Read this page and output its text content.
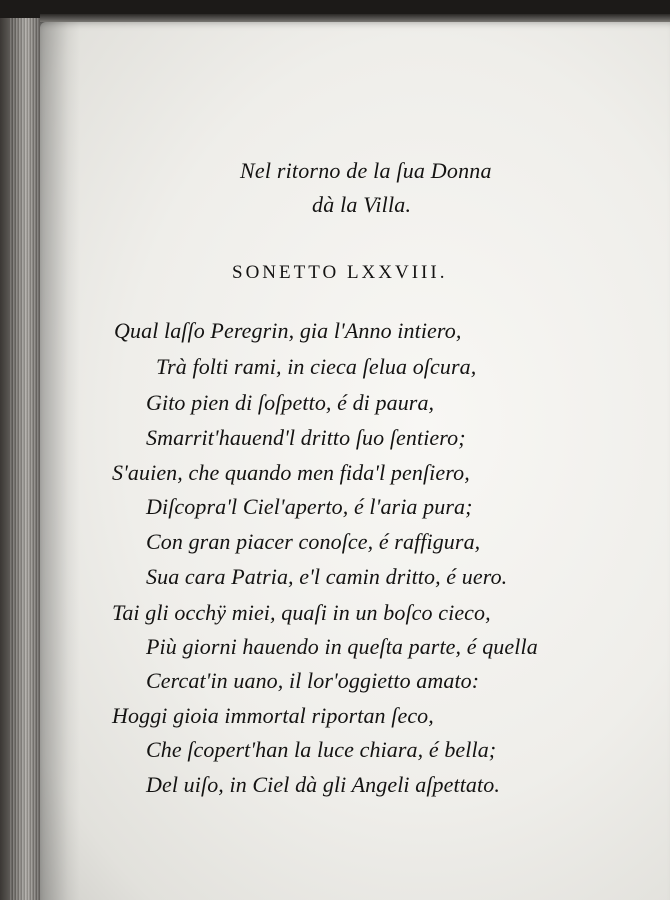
Nel ritorno de la ſua Donna
dà la Villa.
SONETTO LXXVIII.
Qual laſſo Peregrin, gia l'Anno intiero,
Trà folti rami, in cieca ſelua oſcura,
Gito pien di ſoſpetto, é di paura,
Smarrit'hauend'l dritto ſuo ſentiero;
S'auien, che quando men fida'l penſiero,
Diſcopra'l Ciel'aperto, é l'aria pura;
Con gran piacer conoſce, é raffigura,
Sua cara Patria, e'l camin dritto, é uero.
Tai gli occhÿ miei, quaſi in un boſco cieco,
Più giorni hauendo in queſta parte, é quella
Cercat'in uano, il lor'oggietto amato:
Hoggi gioia immortal riportan ſeco,
Che ſcopert'han la luce chiara, é bella;
Del uiſo, in Ciel dà gli Angeli aſpettato.
